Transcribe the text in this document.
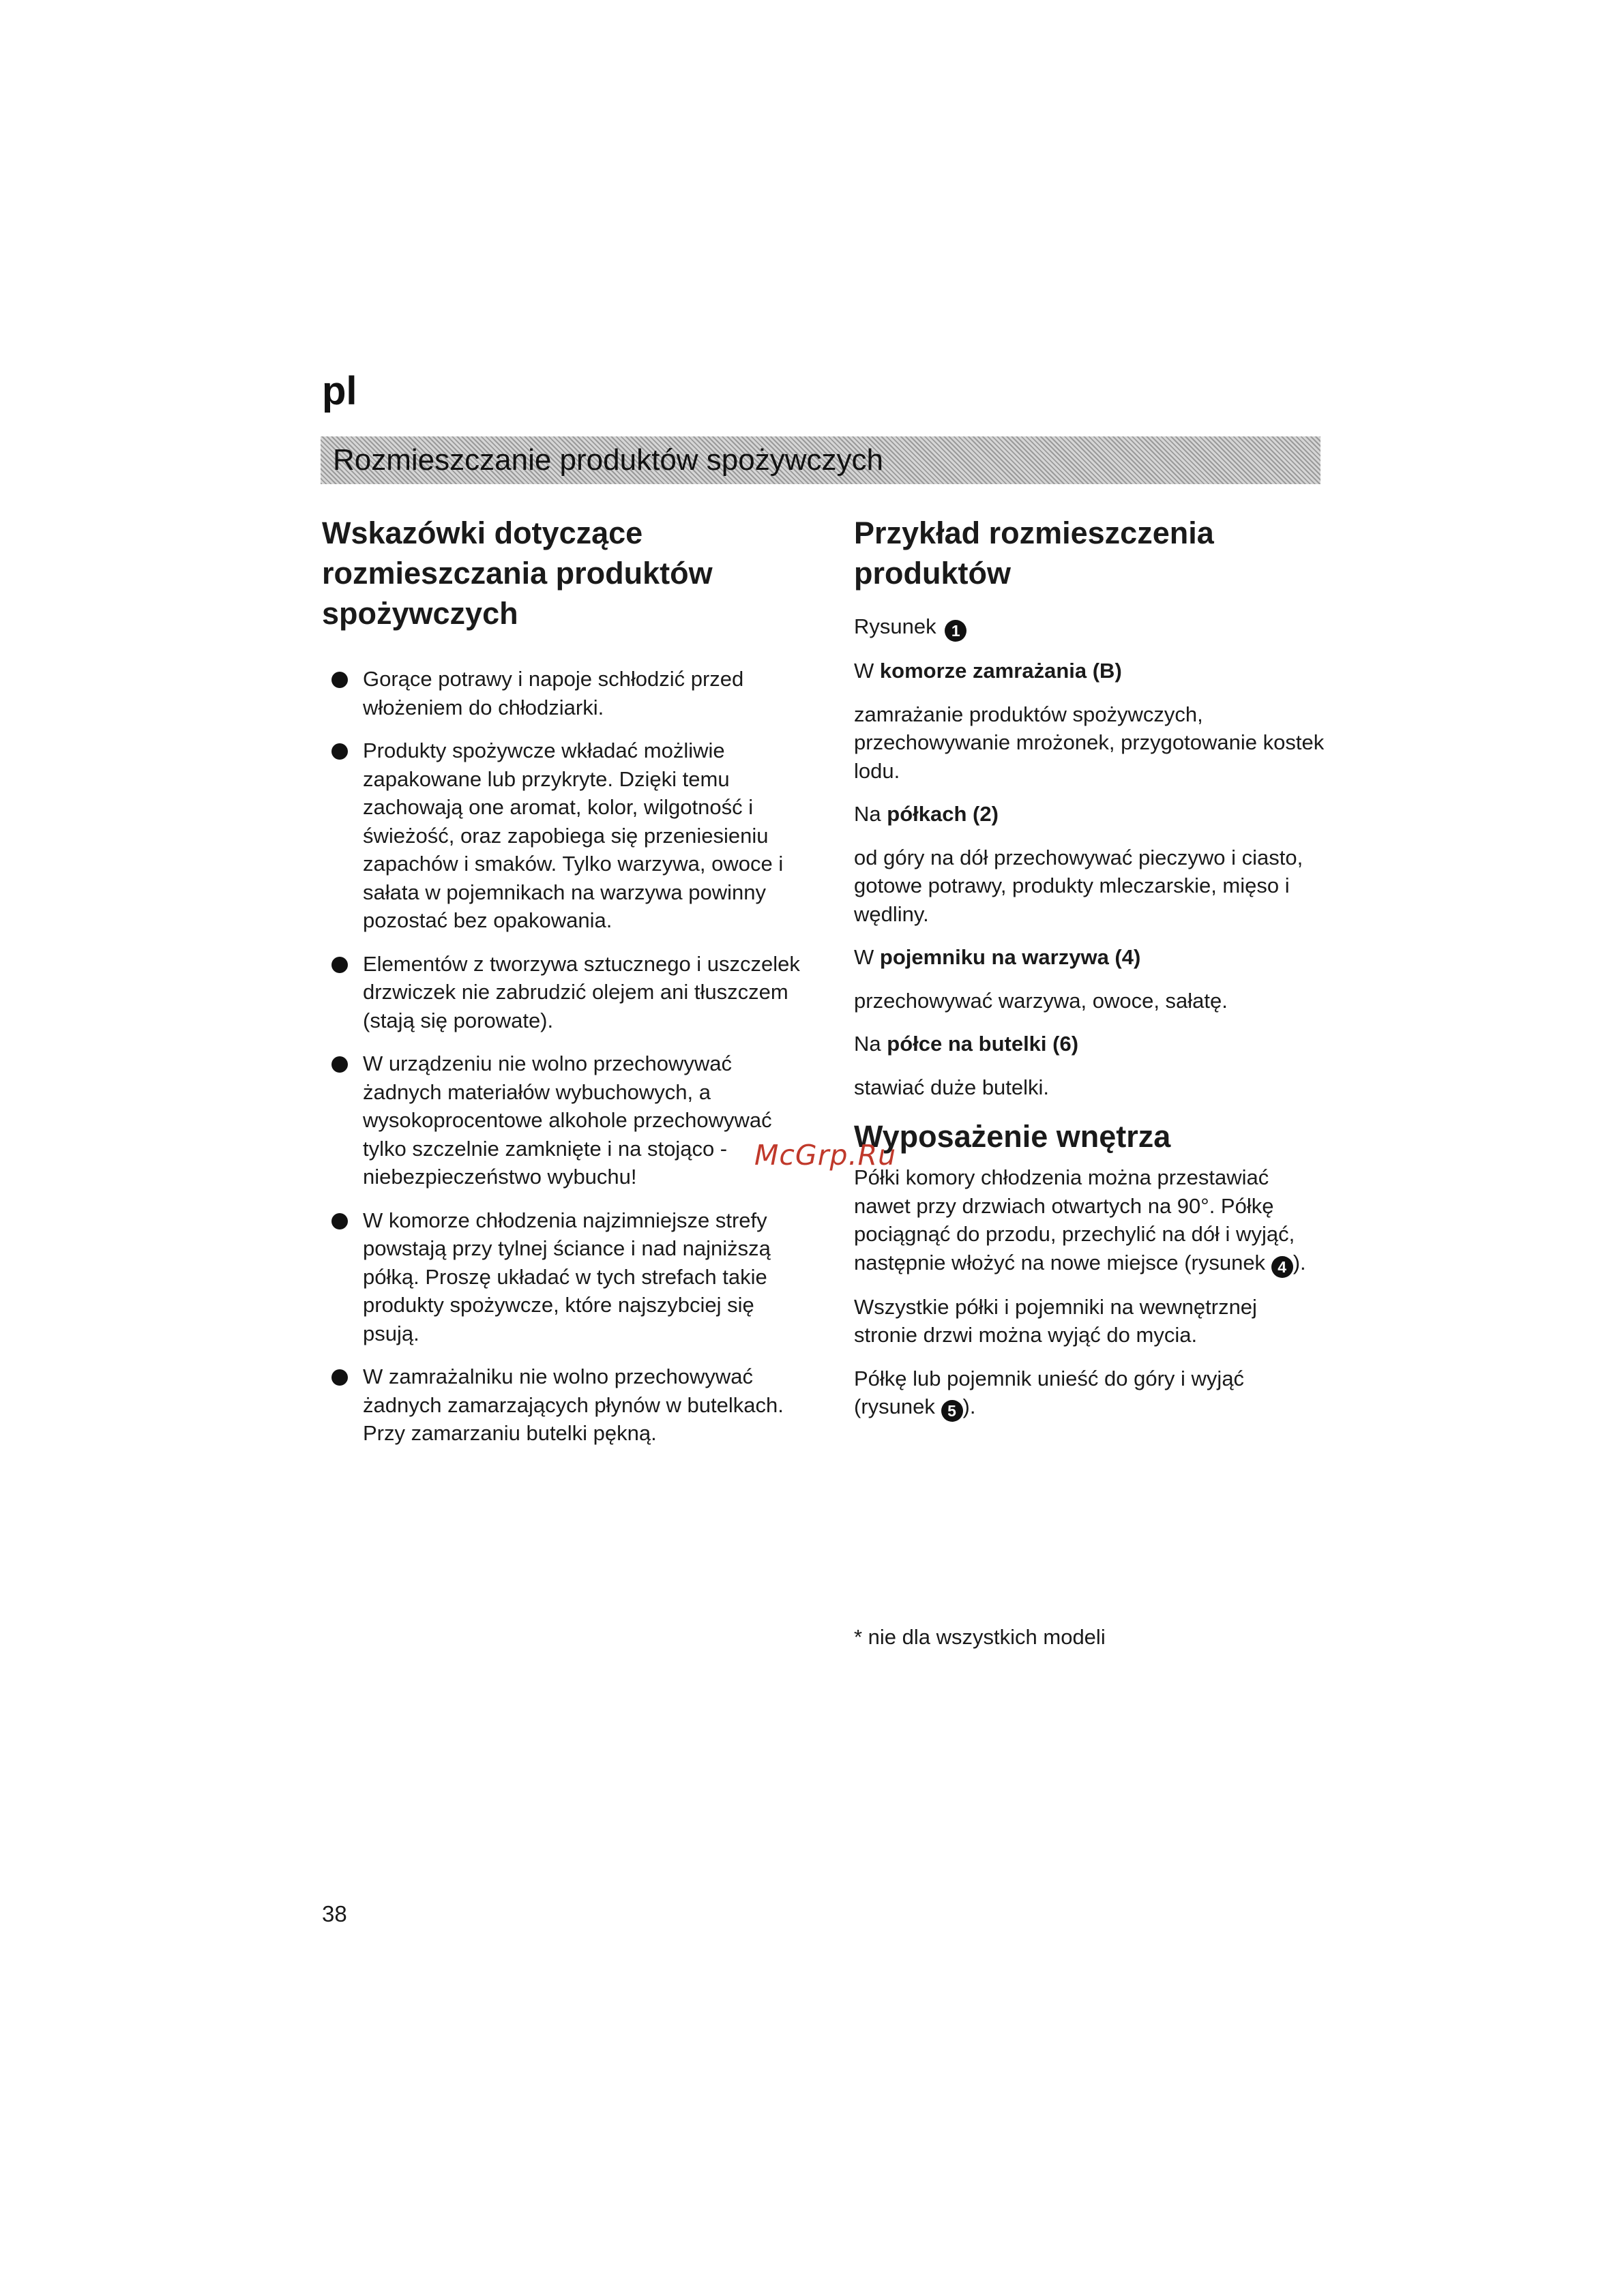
pl
Rozmieszczanie produktów spożywczych
Wskazówki dotyczące rozmieszczania produktów spożywczych
Gorące potrawy i napoje schłodzić przed włożeniem do chłodziarki.
Produkty spożywcze wkładać możliwie zapakowane lub przykryte. Dzięki temu zachowają one aromat, kolor, wilgotność i świeżość, oraz zapobiega się przeniesieniu zapachów i smaków. Tylko warzywa, owoce i sałata w pojemnikach na warzywa powinny pozostać bez opakowania.
Elementów z tworzywa sztucznego i uszczelek drzwiczek nie zabrudzić olejem ani tłuszczem (stają się porowate).
W urządzeniu nie wolno przechowywać żadnych materiałów wybuchowych, a wysokoprocentowe alkohole przechowywać tylko szczelnie zamknięte i na stojąco - niebezpieczeństwo wybuchu!
W komorze chłodzenia najzimniejsze strefy powstają przy tylnej ściance i nad najniższą półką. Proszę układać w tych strefach takie produkty spożywcze, które najszybciej się psują.
W zamrażalniku nie wolno przechowywać żadnych zamarzających płynów w butelkach. Przy zamarzaniu butelki pękną.
Przykład rozmieszczenia produktów

Rysunek 1

W komorze zamrażania (B)

zamrażanie produktów spożywczych, przechowywanie mrożonek, przygotowanie kostek lodu.

Na półkach (2)

od góry na dół przechowywać pieczywo i ciasto, gotowe potrawy, produkty mleczarskie, mięso i wędliny.

W pojemniku na warzywa (4)

przechowywać warzywa, owoce, sałatę.

Na półce na butelki (6)

stawiać duże butelki.

Wyposażenie wnętrza

Półki komory chłodzenia można przestawiać nawet przy drzwiach otwartych na 90°. Półkę pociągnąć do przodu, przechylić na dół i wyjąć, następnie włożyć na nowe miejsce (rysunek 4 ).

Wszystkie półki i pojemniki na wewnętrznej stronie drzwi można wyjąć do mycia.

Półkę lub pojemnik unieść do góry i wyjąć (rysunek 5 ).

McGrp.Ru
* nie dla wszystkich modeli
38
